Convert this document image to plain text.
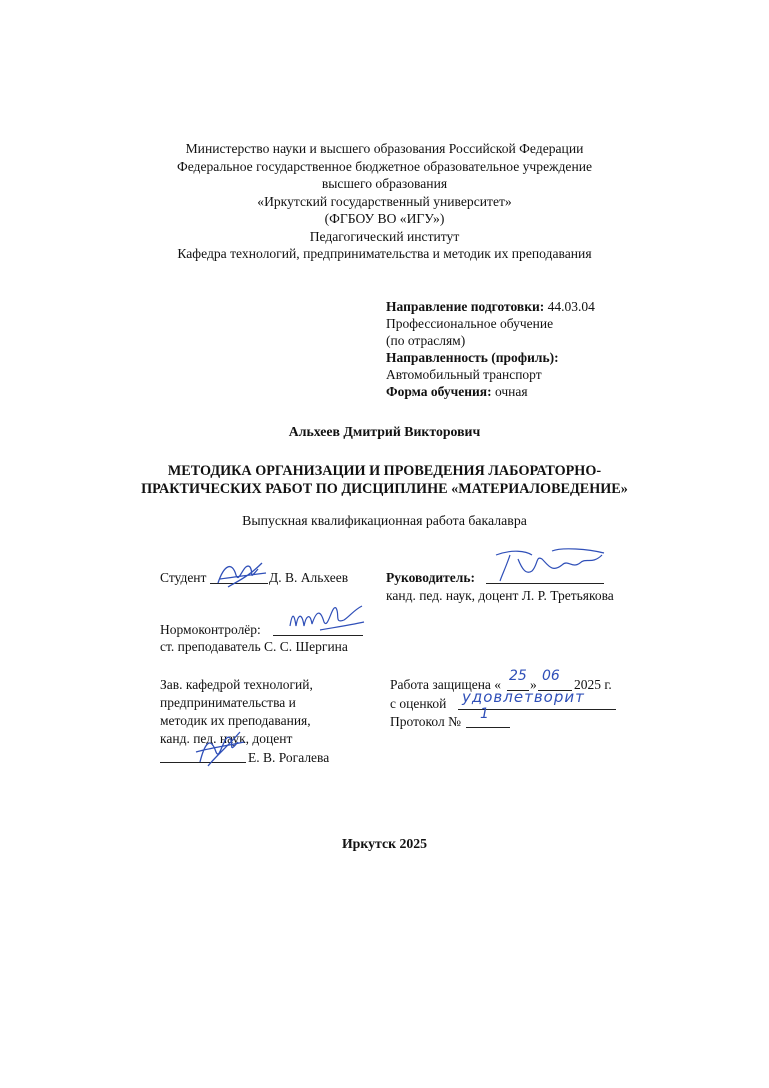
Министерство науки и высшего образования Российской Федерации
Федеральное государственное бюджетное образовательное учреждение
высшего образования
«Иркутский государственный университет»
(ФГБОУ ВО «ИГУ»)
Педагогический институт
Кафедра технологий, предпринимательства и методик их преподавания
Направление подготовки: 44.03.04
Профессиональное обучение
(по отраслям)
Направленность (профиль):
Автомобильный транспорт
Форма обучения: очная
Альхеев Дмитрий Викторович
МЕТОДИКА ОРГАНИЗАЦИИ И ПРОВЕДЕНИЯ ЛАБОРАТОРНО-
ПРАКТИЧЕСКИХ РАБОТ ПО ДИСЦИПЛИНЕ «МАТЕРИАЛОВЕДЕНИЕ»
Выпускная квалификационная работа бакалавра
Студент	Д. В. Альхеев	Руководитель:
канд. пед. наук, доцент Л. Р. Третьякова
Нормоконтролёр:
ст. преподаватель С. С. Шергина
Зав. кафедрой технологий,
предпринимательства и
методик их преподавания,
канд. пед. наук, доцент
Е. В. Рогалева
Работа защищена «
25
»
06
2025 г.
с оценкой удовлетворит
Протокол № 1
Иркутск 2025
